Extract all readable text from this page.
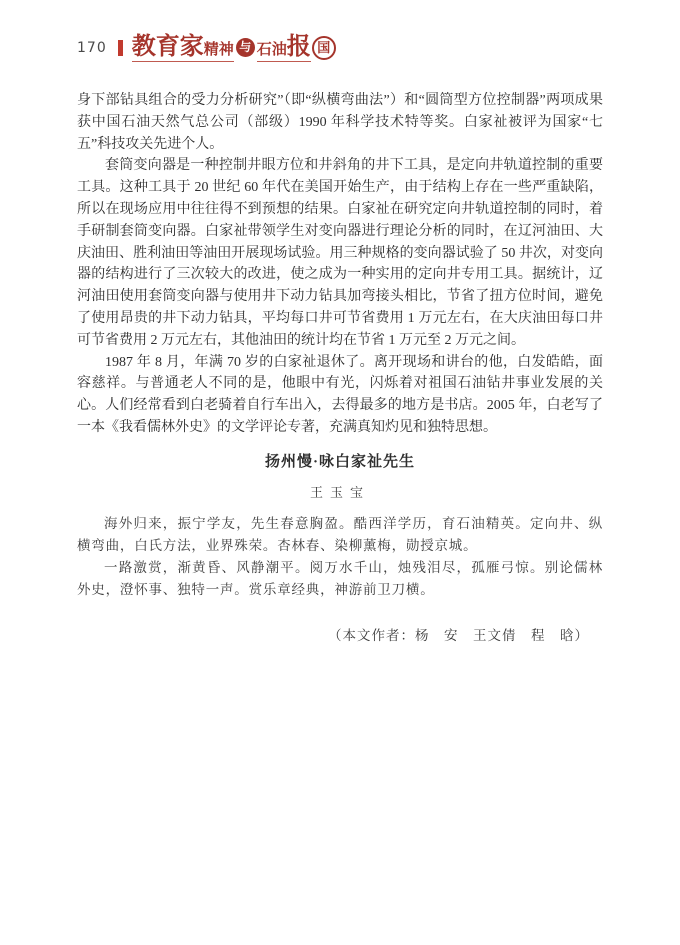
170 教育家 精神 与 石油 报 国

身下部钻具组合的受力分析研究”（即“纵横弯曲法”）和“圆筒型方位控制器”两项成果获中国石油天然气总公司（部级）1990 年科学技术特等奖。白家祉被评为国家“七五”科技攻关先进个人。

套筒变向器是一种控制井眼方位和井斜角的井下工具，是定向井轨道控制的重要工具。这种工具于 20 世纪 60 年代在美国开始生产，由于结构上存在一些严重缺陷，所以在现场应用中往往得不到预想的结果。白家祉在研究定向井轨道控制的同时，着手研制套筒变向器。白家祉带领学生对变向器进行理论分析的同时，在辽河油田、大庆油田、胜利油田等油田开展现场试验。用三种规格的变向器试验了 50 井次，对变向器的结构进行了三次较大的改进，使之成为一种实用的定向井专用工具。据统计，辽河油田使用套筒变向器与使用井下动力钻具加弯接头相比，节省了扭方位时间，避免了使用昂贵的井下动力钻具，平均每口井可节省费用 1 万元左右，在大庆油田每口井可节省费用 2 万元左右，其他油田的统计均在节省 1 万元至 2 万元之间。

1987 年 8 月，年满 70 岁的白家祉退休了。离开现场和讲台的他，白发皓皓，面容慈祥。与普通老人不同的是，他眼中有光，闪烁着对祖国石油钻井事业发展的关心。人们经常看到白老骑着自行车出入，去得最多的地方是书店。2005 年，白老写了一本《我看儒林外史》的文学评论专著，充满真知灼见和独特思想。

扬州慢·咏白家祉先生
王玉宝

海外归来，振宁学友，先生春意胸盈。酷西洋学历，育石油精英。定向井、纵横弯曲，白氏方法，业界殊荣。杏林春、染柳薰梅，勋授京城。

一路激赏，渐黄昏、风静潮平。阅万水千山，烛残泪尽，孤雁弓惊。别论儒林外史，澄怀事、独特一声。赏乐章经典，神游前卫刀横。

（本文作者：杨　安　王文倩　程　晗）
